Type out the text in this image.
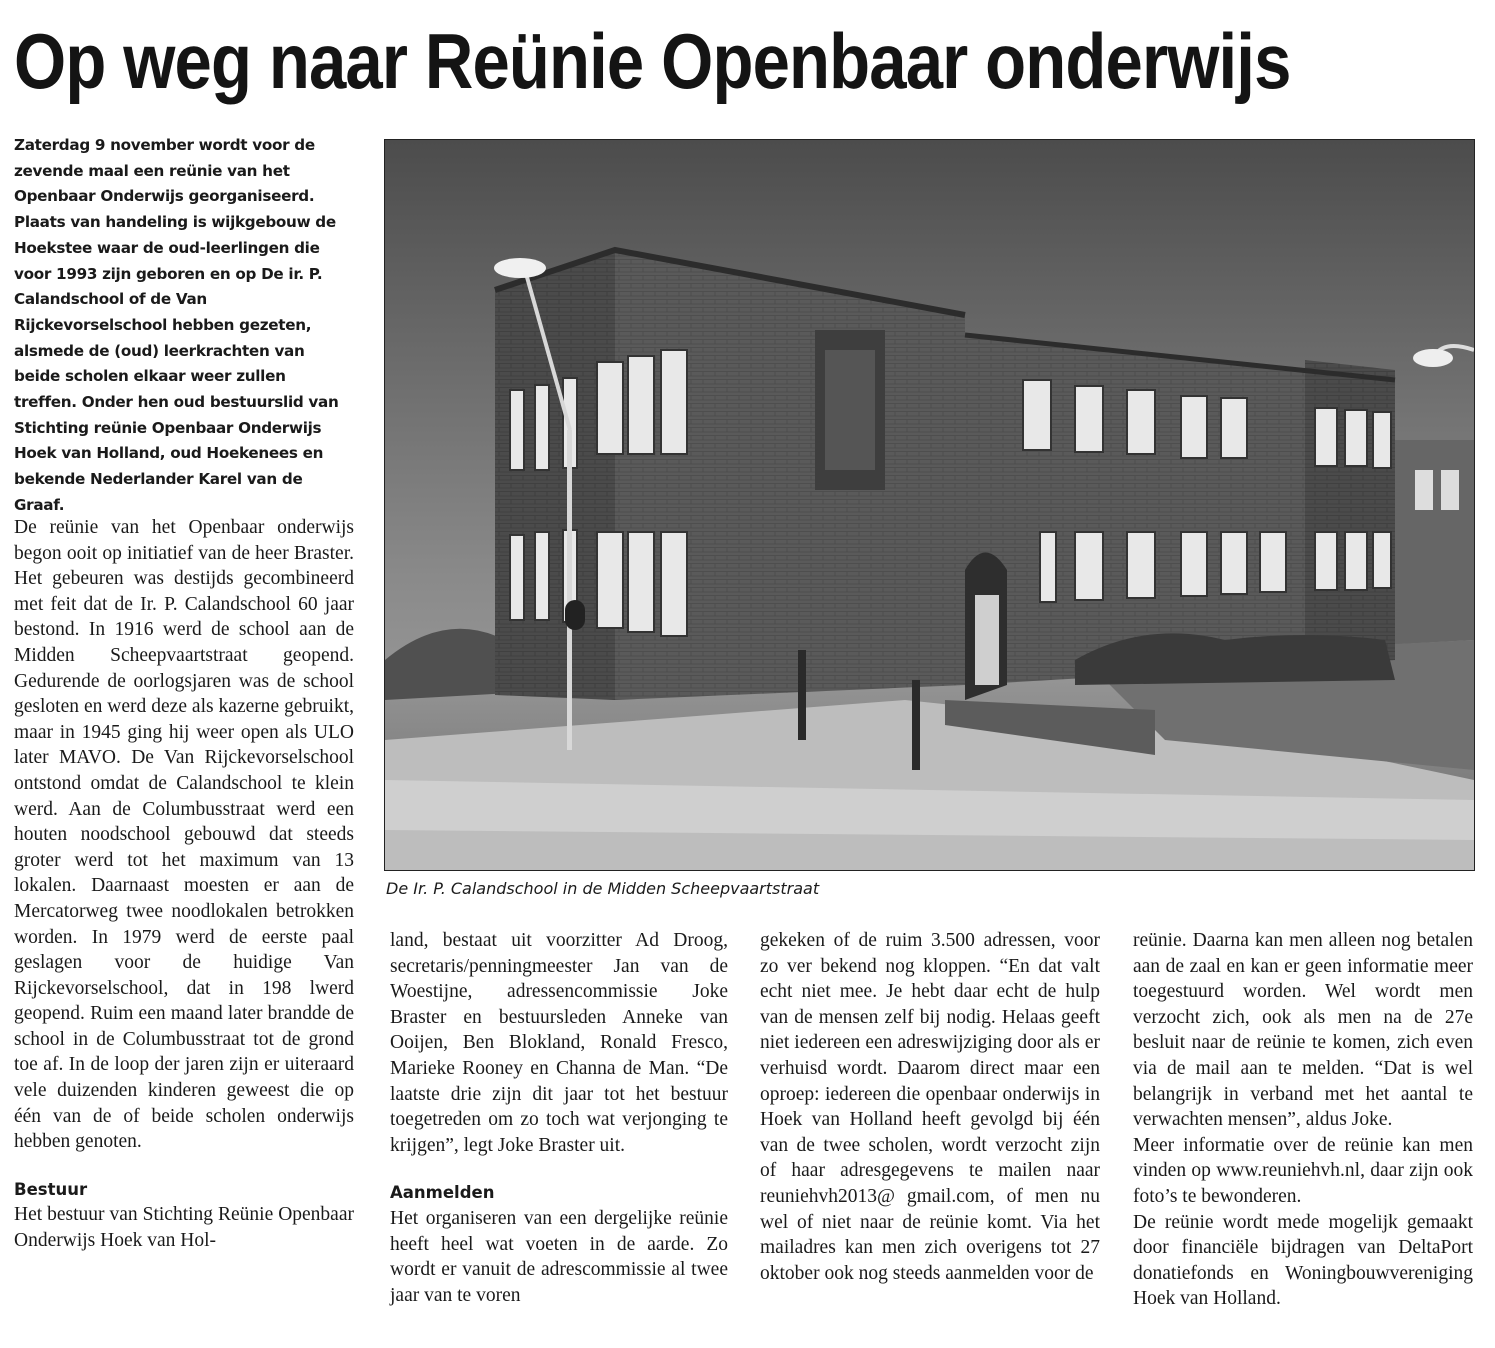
Op weg naar Reünie Openbaar onderwijs

Zaterdag 9 november wordt voor de zevende maal een reünie van het Openbaar Onderwijs georganiseerd. Plaats van handeling is wijkgebouw de Hoekstee waar de oud-leerlingen die voor 1993 zijn geboren en op De ir. P. Calandschool of de Van Rijckevorselschool hebben gezeten, alsmede de (oud) leerkrachten van beide scholen elkaar weer zullen treffen. Onder hen oud bestuurslid van Stichting reünie Openbaar Onderwijs Hoek van Holland, oud Hoekenees en bekende Nederlander Karel van de Graaf.

De Ir. P. Calandschool in de Midden Scheepvaartstraat

De reünie van het Openbaar onderwijs begon ooit op initiatief van de heer Braster. Het gebeuren was destijds gecombineerd met feit dat de Ir. P. Calandschool 60 jaar bestond. In 1916 werd de school aan de Midden Scheepvaartstraat geopend. Gedurende de oorlogsjaren was de school gesloten en werd deze als kazerne gebruikt, maar in 1945 ging hij weer open als ULO later MAVO. De Van Rijckevorselschool ontstond omdat de Calandschool te klein werd. Aan de Columbusstraat werd een houten noodschool gebouwd dat steeds groter werd tot het maximum van 13 lokalen. Daarnaast moesten er aan de Mercatorweg twee noodlokalen betrokken worden. In 1979 werd de eerste paal geslagen voor de huidige Van Rijckevorselschool, dat in 198 lwerd geopend. Ruim een maand later brandde de school in de Columbusstraat tot de grond toe af. In de loop der jaren zijn er uiteraard vele duizenden kinderen geweest die op één van de of beide scholen onderwijs hebben genoten.

Bestuur

Het bestuur van Stichting Reünie Openbaar Onderwijs Hoek van Hol-

land, bestaat uit voorzitter Ad Droog, secretaris/penningmeester Jan van de Woestijne, adressencommissie Joke Braster en bestuursleden Anneke van Ooijen, Ben Blokland, Ronald Fresco, Marieke Rooney en Channa de Man. “De laatste drie zijn dit jaar tot het bestuur toegetreden om zo toch wat verjonging te krijgen”, legt Joke Braster uit.

Aanmelden

Het organiseren van een dergelijke reünie heeft heel wat voeten in de aarde. Zo wordt er vanuit de adrescommissie al twee jaar van te voren

gekeken of de ruim 3.500 adressen, voor zo ver bekend nog kloppen. “En dat valt echt niet mee. Je hebt daar echt de hulp van de mensen zelf bij nodig. Helaas geeft niet iedereen een adreswijziging door als er verhuisd wordt. Daarom direct maar een oproep: iedereen die openbaar onderwijs in Hoek van Holland heeft gevolgd bij één van de twee scholen, wordt verzocht zijn of haar adresgegevens te mailen naar reuniehvh2013@ gmail.com, of men nu wel of niet naar de reünie komt. Via het mailadres kan men zich overigens tot 27 oktober ook nog steeds aanmelden voor de

reünie. Daarna kan men alleen nog betalen aan de zaal en kan er geen informatie meer toegestuurd worden. Wel wordt men verzocht zich, ook als men na de 27e besluit naar de reünie te komen, zich even via de mail aan te melden. “Dat is wel belangrijk in verband met het aantal te verwachten mensen”, aldus Joke.

Meer informatie over de reünie kan men vinden op www.reuniehvh.nl, daar zijn ook foto’s te bewonderen.

De reünie wordt mede mogelijk gemaakt door financiële bijdragen van DeltaPort donatiefonds en Woningbouwvereniging Hoek van Holland.
